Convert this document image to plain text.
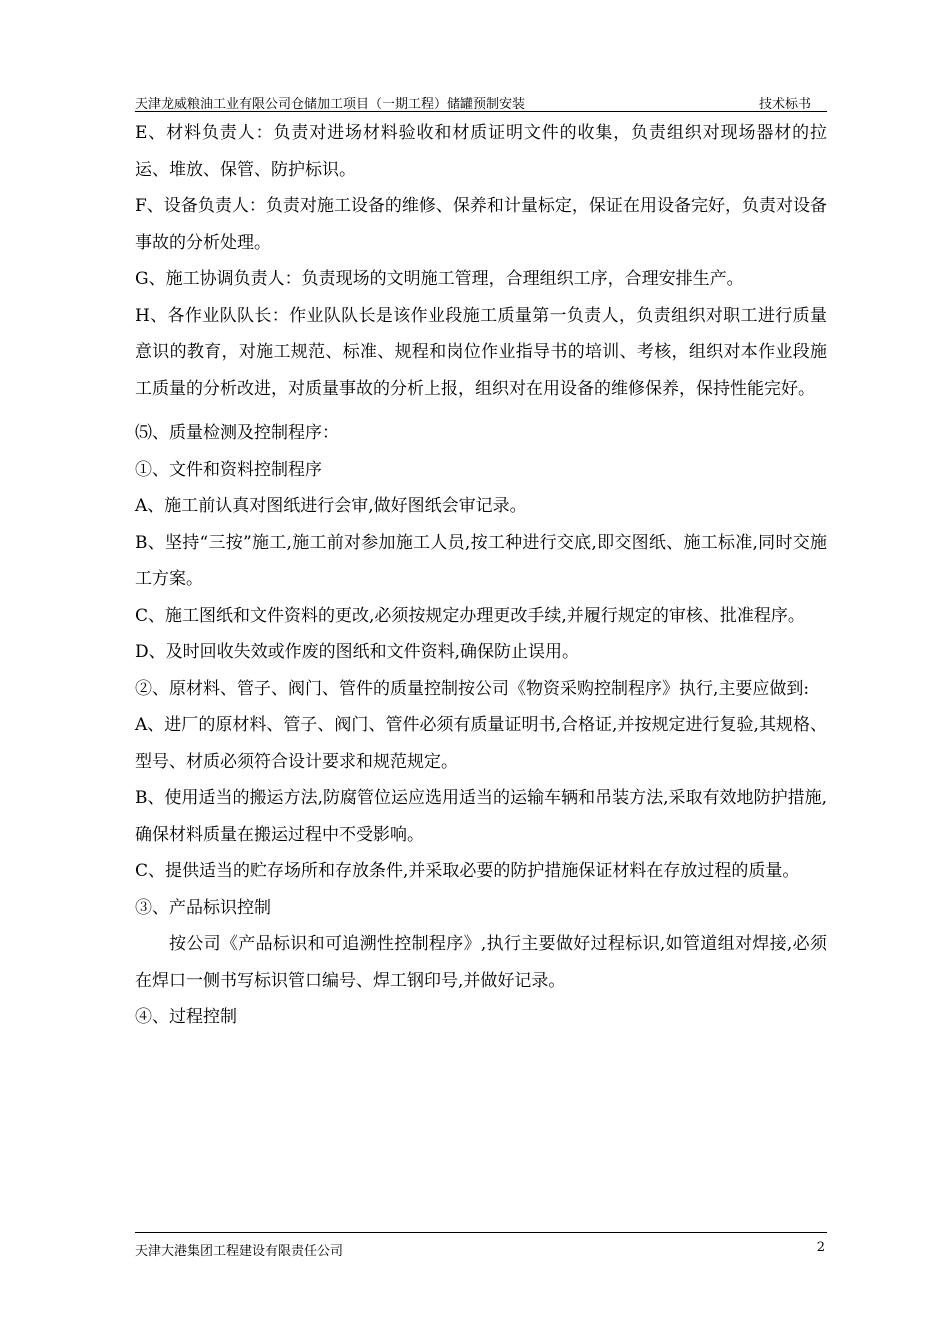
天津龙威粮油工业有限公司仓储加工项目（一期工程）储罐预制安装	技术标书

E、材料负责人：负责对进场材料验收和材质证明文件的收集，负责组织对现场器材的拉运、堆放、保管、防护标识。

F、设备负责人：负责对施工设备的维修、保养和计量标定，保证在用设备完好，负责对设备事故的分析处理。

G、施工协调负责人：负责现场的文明施工管理，合理组织工序，合理安排生产。

H、各作业队队长：作业队队长是该作业段施工质量第一负责人，负责组织对职工进行质量意识的教育，对施工规范、标准、规程和岗位作业指导书的培训、考核，组织对本作业段施工质量的分析改进，对质量事故的分析上报，组织对在用设备的维修保养，保持性能完好。

⑸、质量检测及控制程序：

①、文件和资料控制程序

A、施工前认真对图纸进行会审,做好图纸会审记录。

B、坚持“三按”施工,施工前对参加施工人员,按工种进行交底,即交图纸、施工标准,同时交施工方案。

C、施工图纸和文件资料的更改,必须按规定办理更改手续,并履行规定的审核、批准程序。

D、及时回收失效或作废的图纸和文件资料,确保防止误用。

②、原材料、管子、阀门、管件的质量控制按公司《物资采购控制程序》执行,主要应做到:

A、进厂的原材料、管子、阀门、管件必须有质量证明书,合格证,并按规定进行复验,其规格、型号、材质必须符合设计要求和规范规定。

B、使用适当的搬运方法,防腐管位运应选用适当的运输车辆和吊装方法,采取有效地防护措施,确保材料质量在搬运过程中不受影响。

C、提供适当的贮存场所和存放条件,并采取必要的防护措施保证材料在存放过程的质量。

③、产品标识控制

按公司《产品标识和可追溯性控制程序》,执行主要做好过程标识,如管道组对焊接,必须在焊口一侧书写标识管口编号、焊工钢印号,并做好记录。

④、过程控制

天津大港集团工程建设有限责任公司	2
